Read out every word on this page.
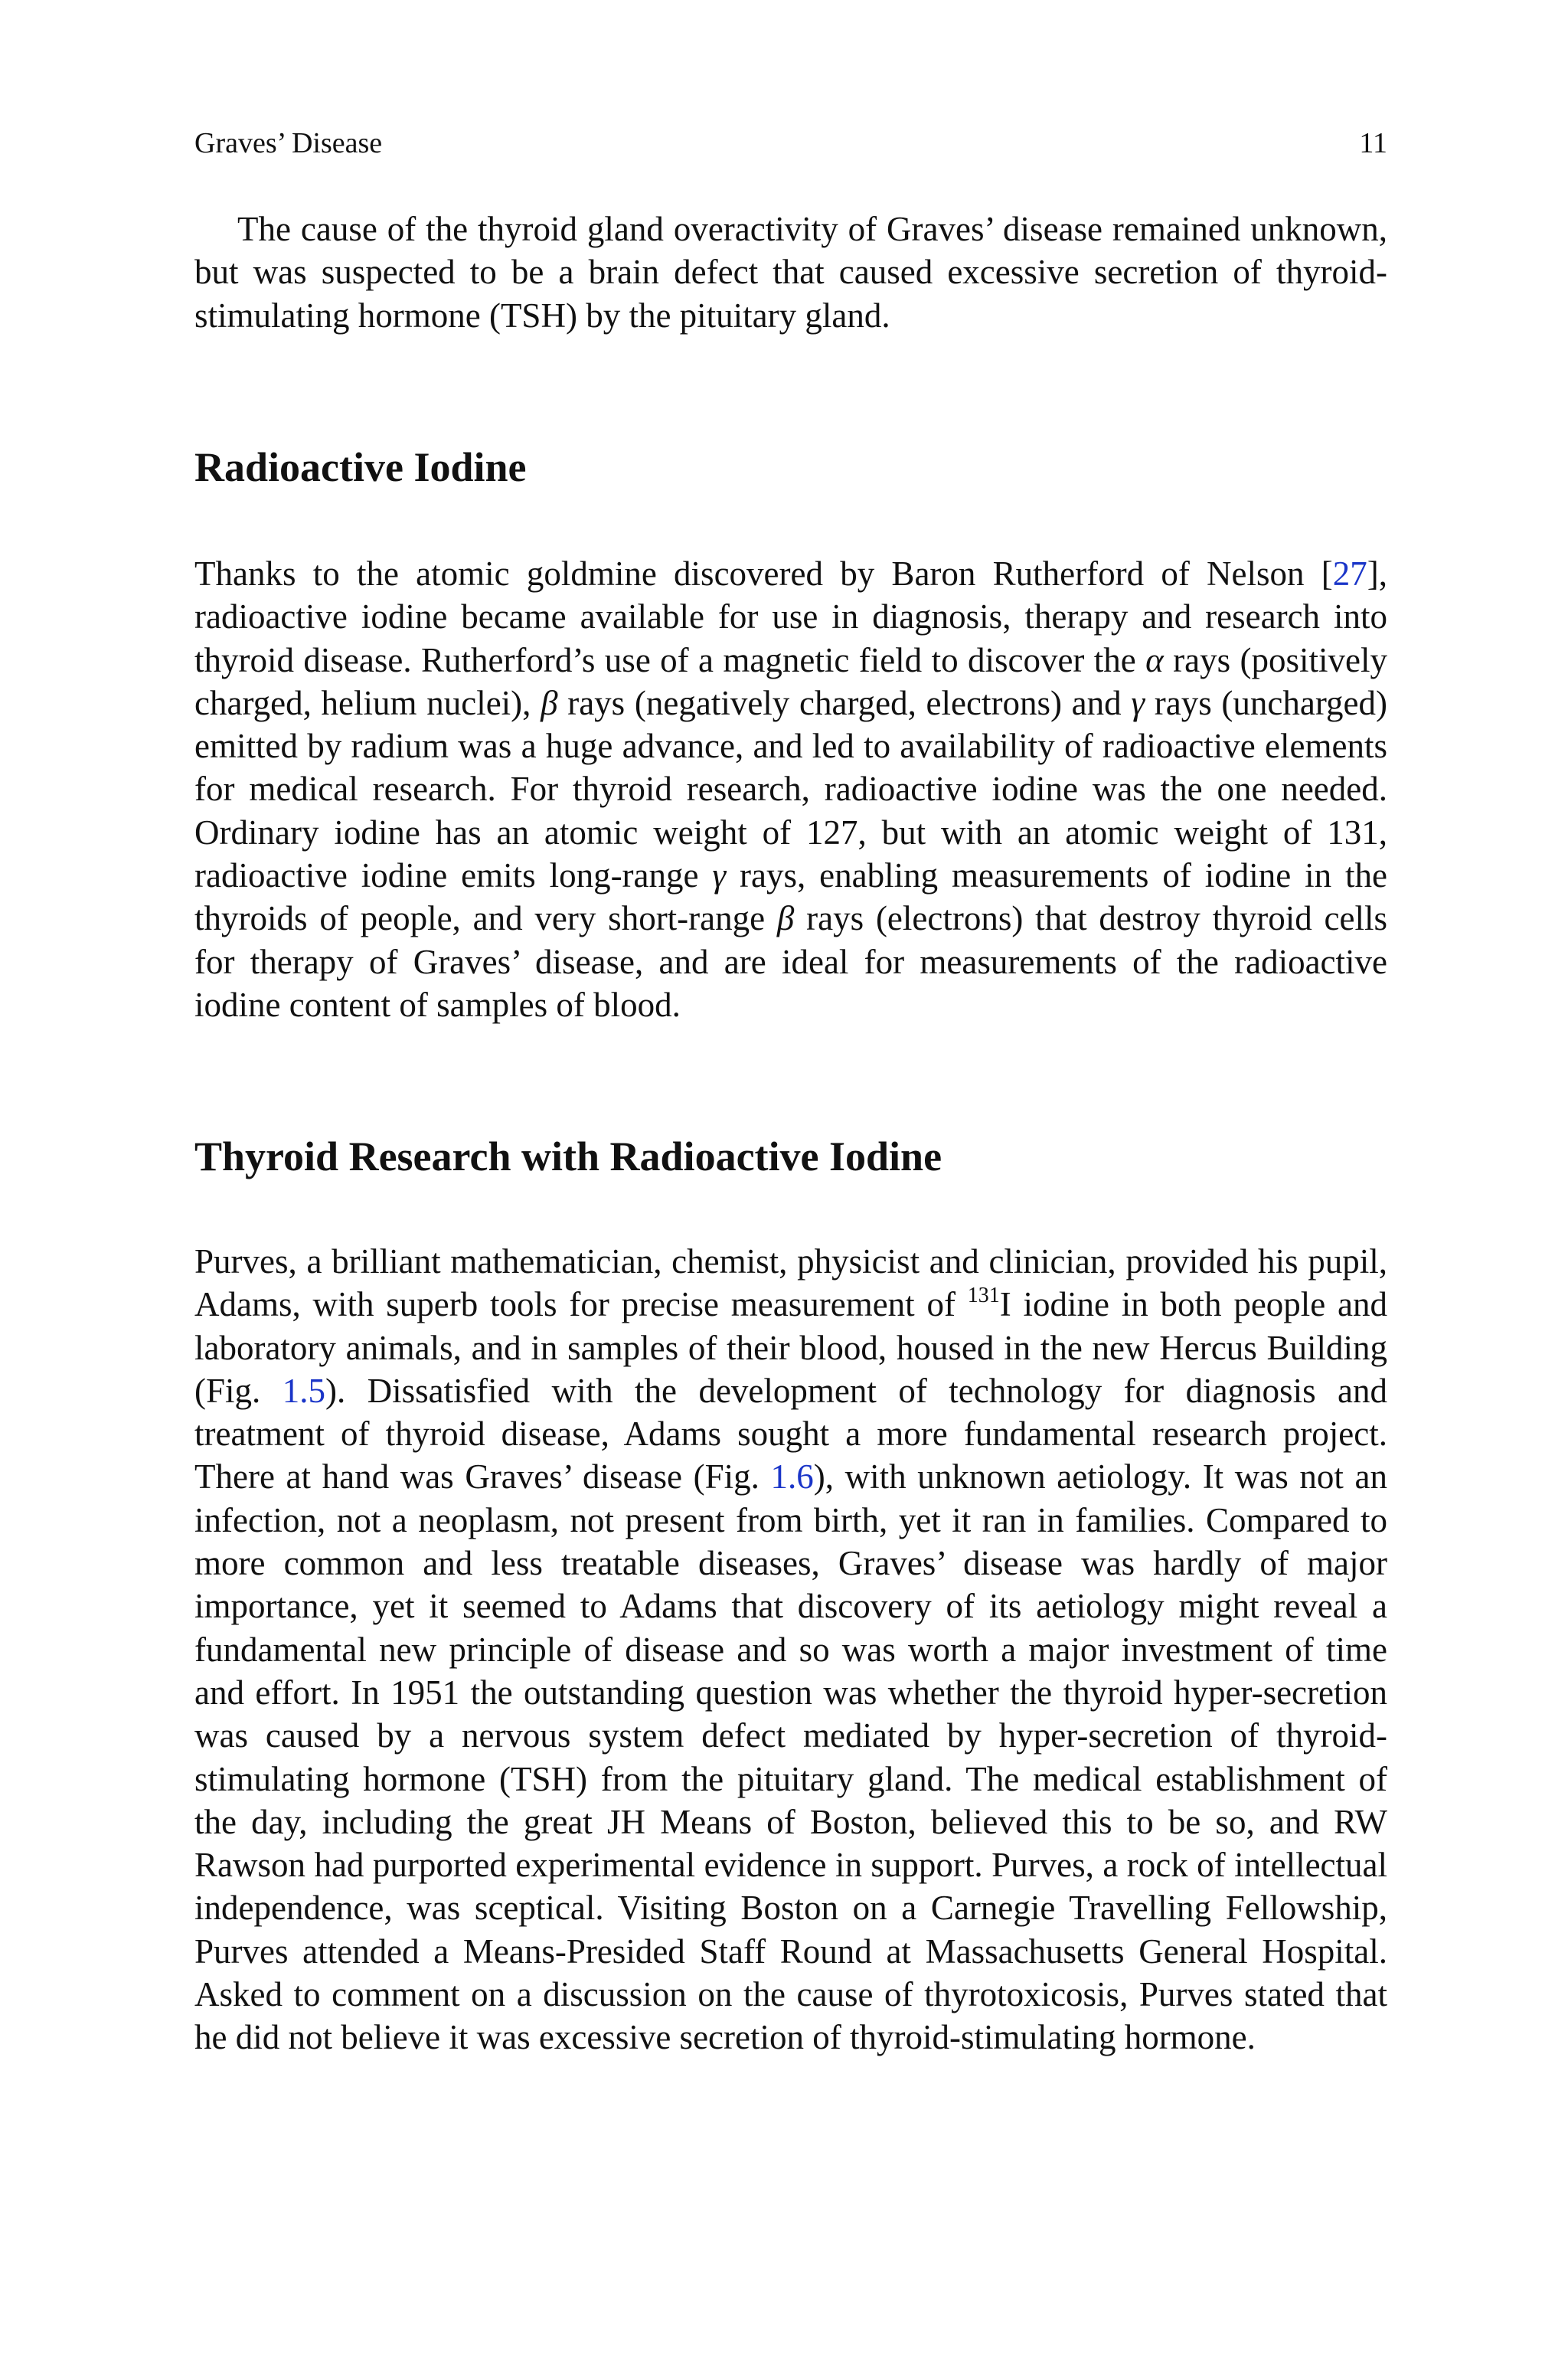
Graves’ Disease	11

The cause of the thyroid gland overactivity of Graves’ disease remained unknown, but was suspected to be a brain defect that caused excessive secretion of thyroid-stimulating hormone (TSH) by the pituitary gland.

Radioactive Iodine

Thanks to the atomic goldmine discovered by Baron Rutherford of Nelson [27], radioactive iodine became available for use in diagnosis, therapy and research into thyroid disease. Rutherford’s use of a magnetic field to discover the α rays (positively charged, helium nuclei), β rays (negatively charged, electrons) and γ rays (uncharged) emitted by radium was a huge advance, and led to availability of radioactive elements for medical research. For thyroid research, radioactive iodine was the one needed. Ordinary iodine has an atomic weight of 127, but with an atomic weight of 131, radioactive iodine emits long-range γ rays, enabling measurements of iodine in the thyroids of people, and very short-range β rays (electrons) that destroy thyroid cells for therapy of Graves’ disease, and are ideal for measurements of the radioactive iodine content of samples of blood.

Thyroid Research with Radioactive Iodine

Purves, a brilliant mathematician, chemist, physicist and clinician, provided his pupil, Adams, with superb tools for precise measurement of $^{131}$I iodine in both people and laboratory animals, and in samples of their blood, housed in the new Hercus Building (Fig. 1.5). Dissatisfied with the development of technology for diagnosis and treatment of thyroid disease, Adams sought a more fundamental research project. There at hand was Graves’ disease (Fig. 1.6), with unknown aetiology. It was not an infection, not a neoplasm, not present from birth, yet it ran in families. Compared to more common and less treatable diseases, Graves’ disease was hardly of major importance, yet it seemed to Adams that discovery of its aetiology might reveal a fundamental new principle of disease and so was worth a major investment of time and effort. In 1951 the outstanding question was whether the thyroid hyper-secretion was caused by a nervous system defect mediated by hyper-secretion of thyroid-stimulating hormone (TSH) from the pituitary gland. The medical establishment of the day, including the great JH Means of Boston, believed this to be so, and RW Rawson had purported experimental evidence in support. Purves, a rock of intellectual independence, was sceptical. Visiting Boston on a Carnegie Travelling Fellowship, Purves attended a Means-Presided Staff Round at Massachusetts General Hospital. Asked to comment on a discussion on the cause of thyrotoxicosis, Purves stated that he did not believe it was excessive secretion of thyroid-stimulating hormone.
